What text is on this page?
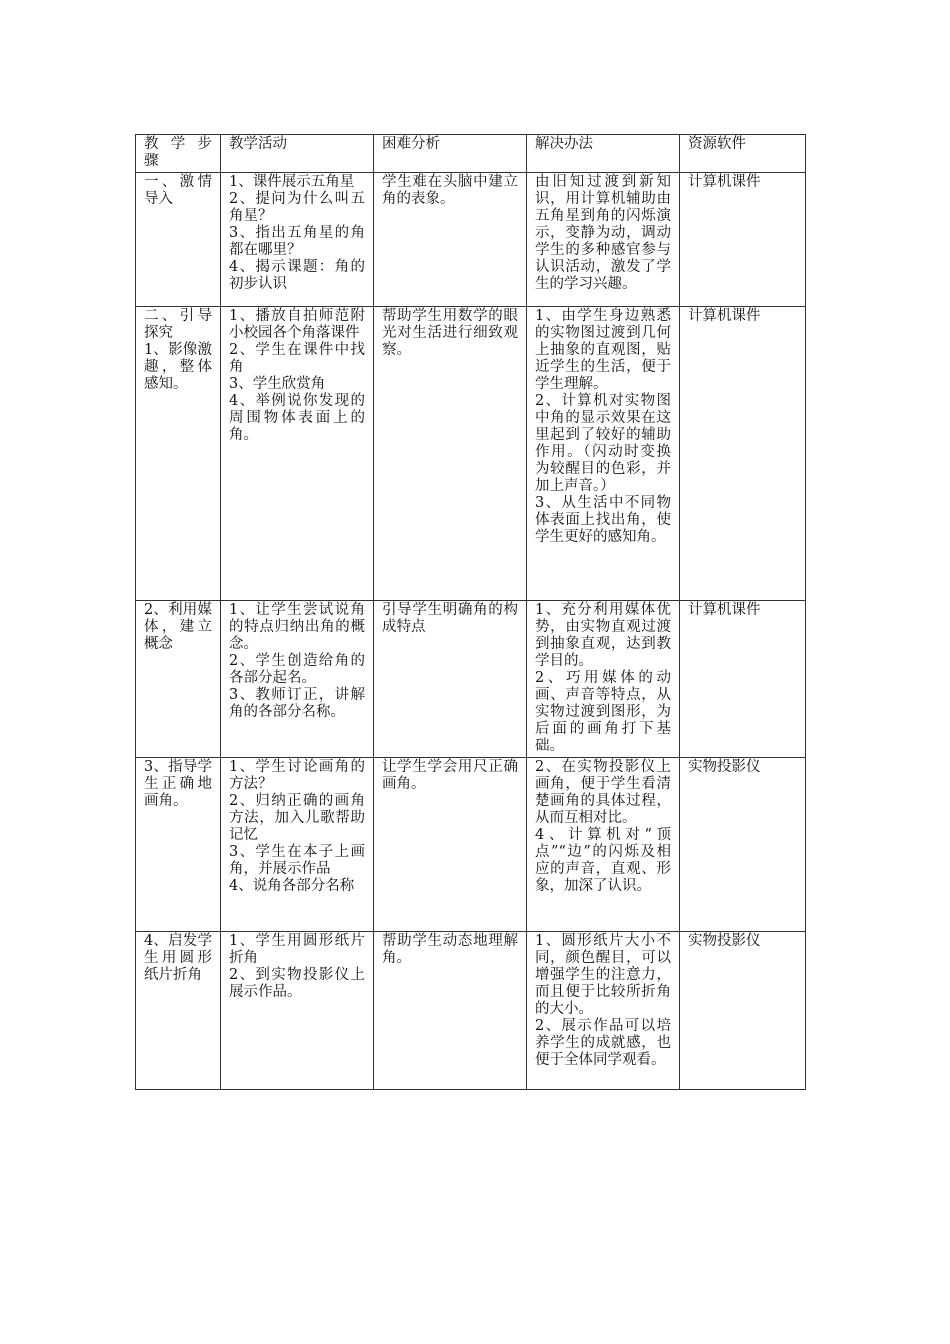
教 学 步 骤	教学活动	困难分析	解决办法	资源软件

一、激情导入	1、课件展示五角星
2、提问为什么叫五角星？
3、指出五角星的角都在哪里？
4、揭示课题：角的初步认识	学生难在头脑中建立角的表象。	由旧知过渡到新知识，用计算机辅助由五角星到角的闪烁演示，变静为动，调动学生的多种感官参与认识活动，激发了学生的学习兴趣。	计算机课件

二、引导探究
1、影像激趣，整体感知。	1、播放自拍师范附小校园各个角落课件
2、学生在课件中找角
3、学生欣赏角
4、举例说你发现的周围物体表面上的角。	帮助学生用数学的眼光对生活进行细致观察。	1、由学生身边熟悉的实物图过渡到几何上抽象的直观图，贴近学生的生活，便于学生理解。
2、计算机对实物图中角的显示效果在这里起到了较好的辅助作用。（闪动时变换为较醒目的色彩，并加上声音。）
3、从生活中不同物体表面上找出角，使学生更好的感知角。	计算机课件

2、利用媒体，建立概念	1、让学生尝试说角的特点归纳出角的概念。
2、学生创造给角的各部分起名。
3、教师订正，讲解角的各部分名称。	引导学生明确角的构成特点	1、充分利用媒体优势，由实物直观过渡到抽象直观，达到教学目的。
2、巧用媒体的动画、声音等特点，从实物过渡到图形，为后面的画角打下基础。	计算机课件

3、指导学生正确地画角。	1、学生讨论画角的方法？
2、归纳正确的画角方法，加入儿歌帮助记忆
3、学生在本子上画角，并展示作品
4、说角各部分名称	让学生学会用尺正确画角。	2、在实物投影仪上画角，便于学生看清楚画角的具体过程，从而互相对比。
4、计算机对“顶点”“边”的闪烁及相应的声音，直观、形象，加深了认识。	实物投影仪

4、启发学生用圆形纸片折角	1、学生用圆形纸片折角
2、到实物投影仪上展示作品。	帮助学生动态地理解角。	1、圆形纸片大小不同，颜色醒目，可以增强学生的注意力，而且便于比较所折角的大小。
2、展示作品可以培养学生的成就感，也便于全体同学观看。	实物投影仪
